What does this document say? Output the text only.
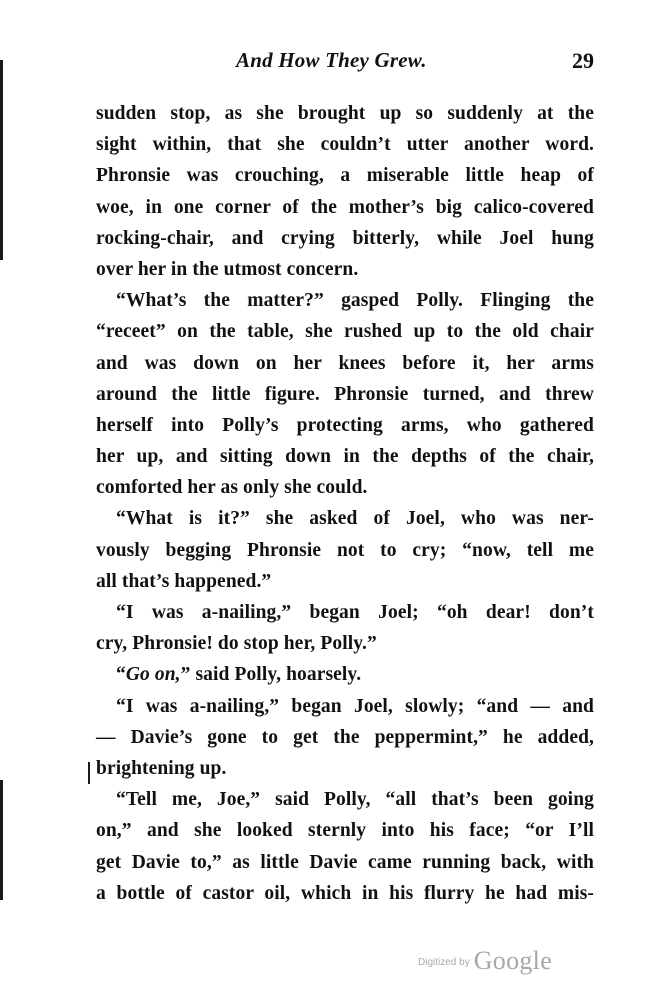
And How They Grew.	29
sudden stop, as she brought up so suddenly at the
sight within, that she couldn’t utter another word.
Phronsie was crouching, a miserable little heap of
woe, in one corner of the mother’s big calico-covered
rocking-chair, and crying bitterly, while Joel hung
over her in the utmost concern.
“What’s the matter?” gasped Polly. Flinging the
“receet” on the table, she rushed up to the old chair
and was down on her knees before it, her arms
around the little figure. Phronsie turned, and threw
herself into Polly’s protecting arms, who gathered
her up, and sitting down in the depths of the chair,
comforted her as only she could.
“What is it?” she asked of Joel, who was ner-
vously begging Phronsie not to cry; “now, tell me
all that’s happened.”
“I was a-nailing,” began Joel; “oh dear! don’t
cry, Phronsie! do stop her, Polly.”
“Go on,” said Polly, hoarsely.
“I was a-nailing,” began Joel, slowly; “and — and
— Davie’s gone to get the peppermint,” he added,
brightening up.
“Tell me, Joe,” said Polly, “all that’s been going
on,” and she looked sternly into his face; “or I’ll
get Davie to,” as little Davie came running back, with
a bottle of castor oil, which in his flurry he had mis-
$^{Digitized by}$ Google
